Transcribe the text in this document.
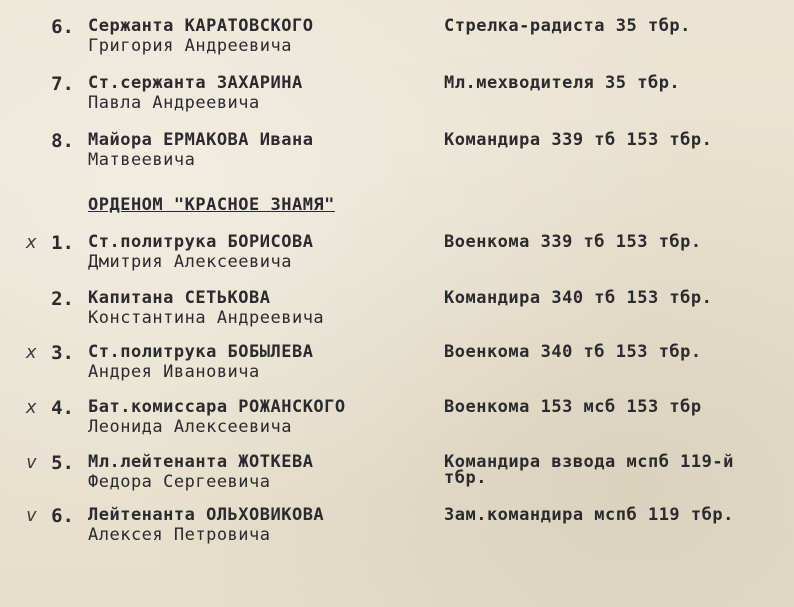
6. Сержанта КАРАТОВСКОГО
Григория Андреевича
Стрелка-радиста 35 тбр.
7. Ст.сержанта ЗАХАРИНА
Павла Андреевича
Мл.мехводителя 35 тбр.
8. Майора ЕРМАКОВА Ивана
Матвеевича
Командира 339 тб 153 тбр.
ОРДЕНОМ "КРАСНОЕ ЗНАМЯ"
x 1. Ст.политрука БОРИСОВА
Дмитрия Алексеевича
Военкома 339 тб 153 тбр.
2. Капитана СЕТЬКОВА
Константина Андреевича
Командира 340 тб 153 тбр.
x 3. Ст.политрука БОБЫЛЕВА
Андрея Ивановича
Военкома 340 тб 153 тбр.
x 4. Бат.комиссара РОЖАНСКОГО
Леонида Алексеевича
Военкома 153 мсб 153 тбр
v 5. Мл.лейтенанта ЖОТКЕВА
Федора Сергеевича
Командира взвода мспб 119-й
тбр.
v 6. Лейтенанта ОЛЬХОВИКОВА
Алексея Петровича
Зам.командира мспб 119 тбр.
